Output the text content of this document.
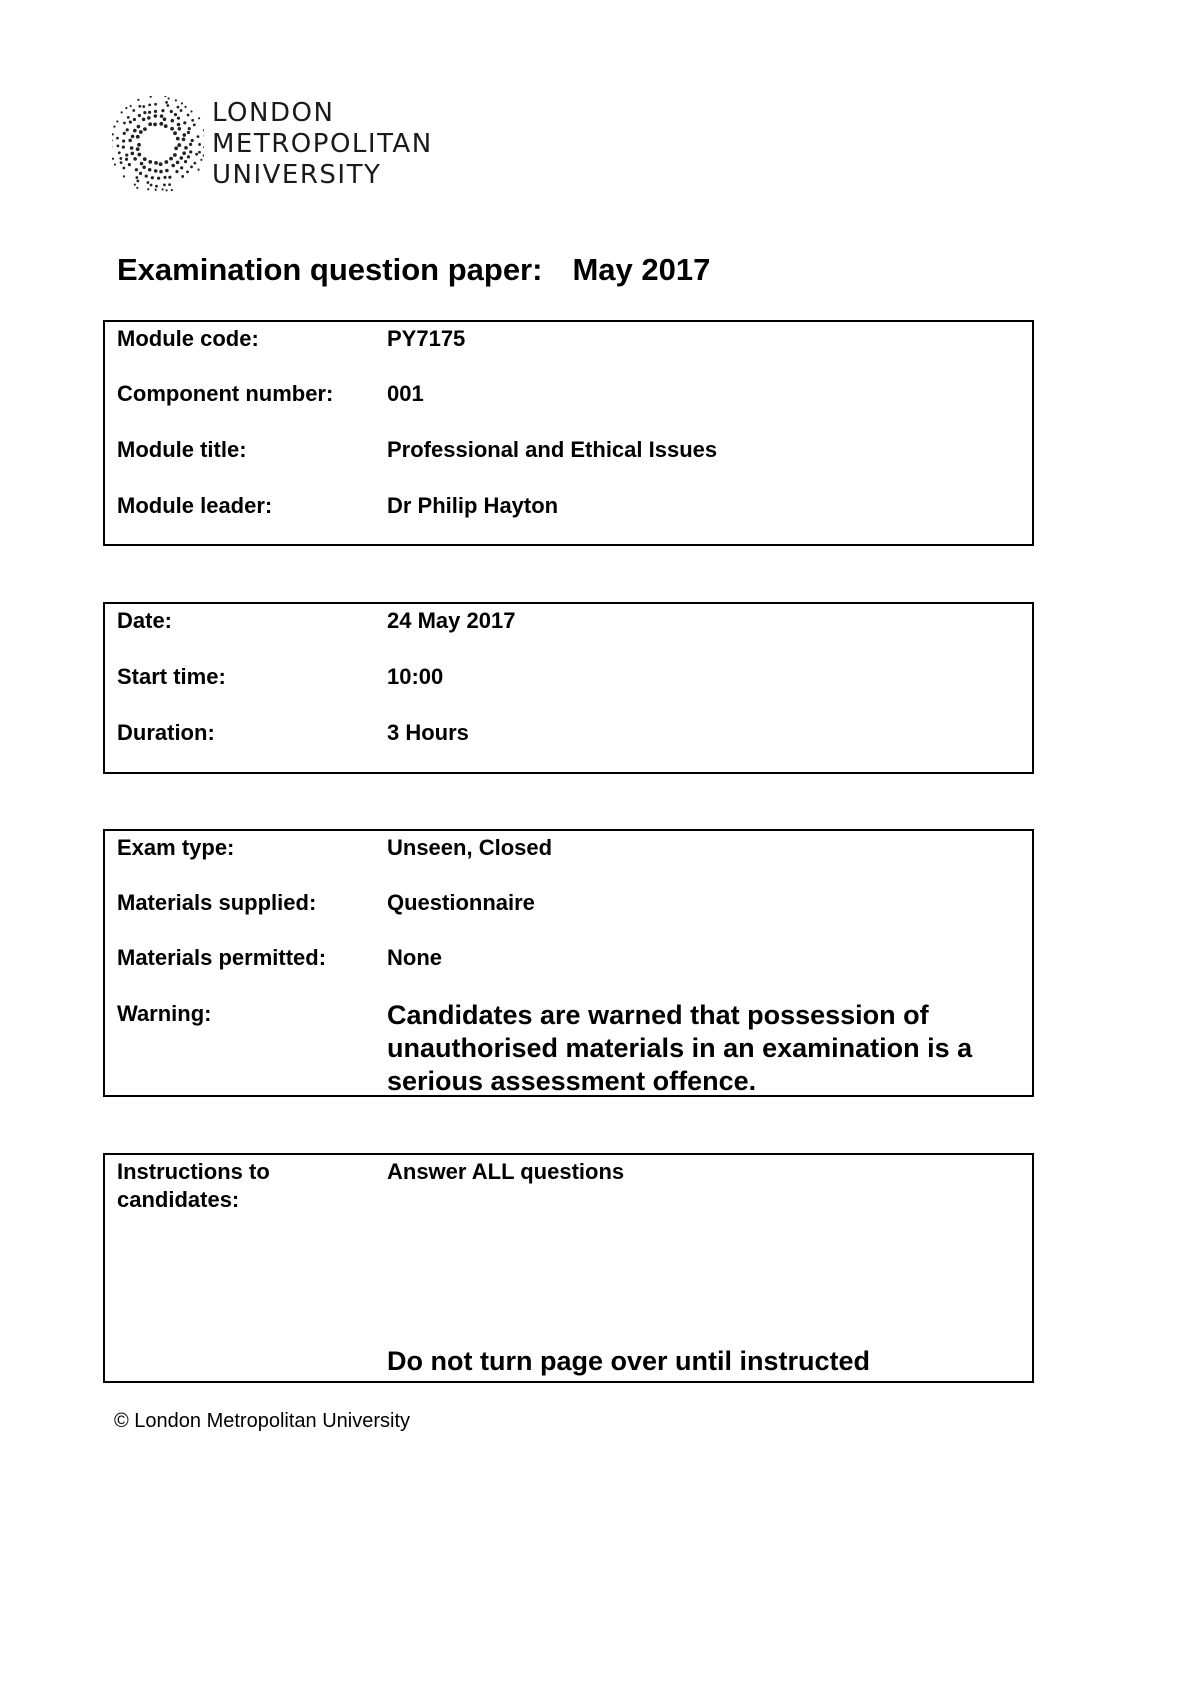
LONDON
METROPOLITAN
UNIVERSITY
Examination question paper: May 2017
Module code:	PY7175
Component number:	001
Module title:	Professional and Ethical Issues
Module leader:	Dr Philip Hayton
Date:	24 May 2017
Start time:	10:00
Duration:	3 Hours
Exam type:	Unseen, Closed
Materials supplied:	Questionnaire
Materials permitted:	None
Warning:	Candidates are warned that possession of unauthorised materials in an examination is a serious assessment offence.
Instructions to candidates:
Answer ALL questions
Do not turn page over until instructed
© London Metropolitan University
